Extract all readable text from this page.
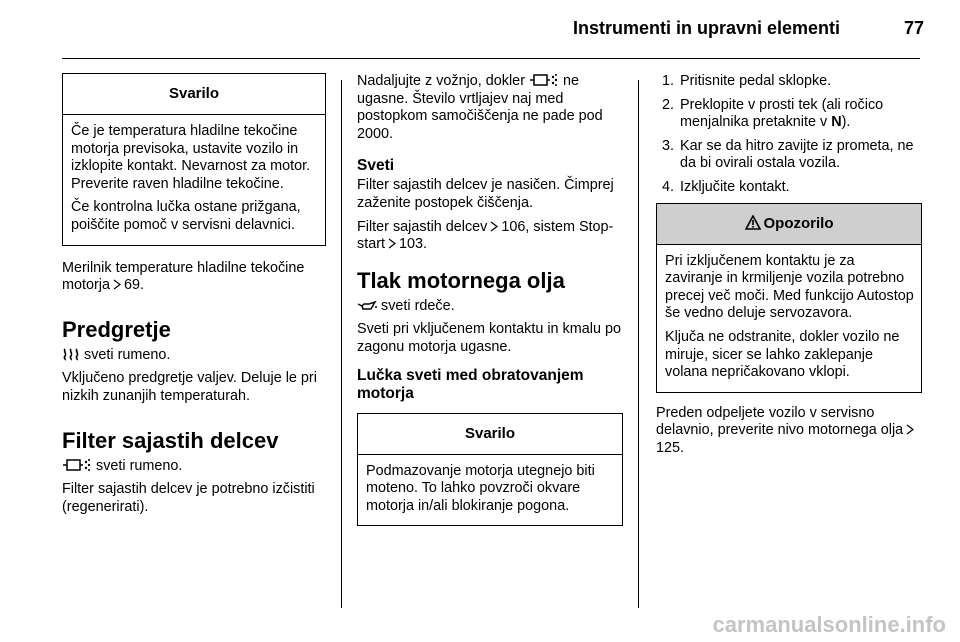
Instrumenti in upravni elementi	77
Svarilo

Če je temperatura hladilne tekočine motorja previsoka, ustavite vozilo in izklopite kontakt. Nevarnost za motor. Preverite raven hladilne tekočine.

Če kontrolna lučka ostane prižgana, poiščite pomoč v servisni delavnici.

Merilnik temperature hladilne tekočine motorja 69.

Predgretje

sveti rumeno.

Vključeno predgretje valjev. Deluje le pri nizkih zunanjih temperaturah.

Filter sajastih delcev

sveti rumeno.

Filter sajastih delcev je potrebno izčistiti (regenerirati).

Nadaljujte z vožnjo, dokler	ne ugasne. Število vrtljajev naj med postopkom samočiščenja ne pade pod 2000.

Sveti

Filter sajastih delcev je nasičen. Čimprej zaženite postopek čiščenja.

Filter sajastih delcev 106, sistem Stop-start 103.

Tlak motornega olja

sveti rdeče.

Sveti pri vključenem kontaktu in kmalu po zagonu motorja ugasne.

Lučka sveti med obratovanjem motorja
Svarilo

Podmazovanje motorja utegnejo biti moteno. To lahko povzroči okvare motorja in/ali blokiranje pogona.

1. Pritisnite pedal sklopke.
2. Preklopite v prosti tek (ali ročico menjalnika pretaknite v N).
3. Kar se da hitro zavijte iz prometa, ne da bi ovirali ostala vozila.
4. Izključite kontakt.
Opozorilo

Pri izključenem kontaktu je za zaviranje in krmiljenje vozila potrebno precej več moči. Med funkcijo Autostop še vedno deluje servozavora.

Ključa ne odstranite, dokler vozilo ne miruje, sicer se lahko zaklepanje volana nepričakovano vklopi.

Preden odpeljete vozilo v servisno delavnio, preverite nivo motornega olja125.

carmanualsonline.info
